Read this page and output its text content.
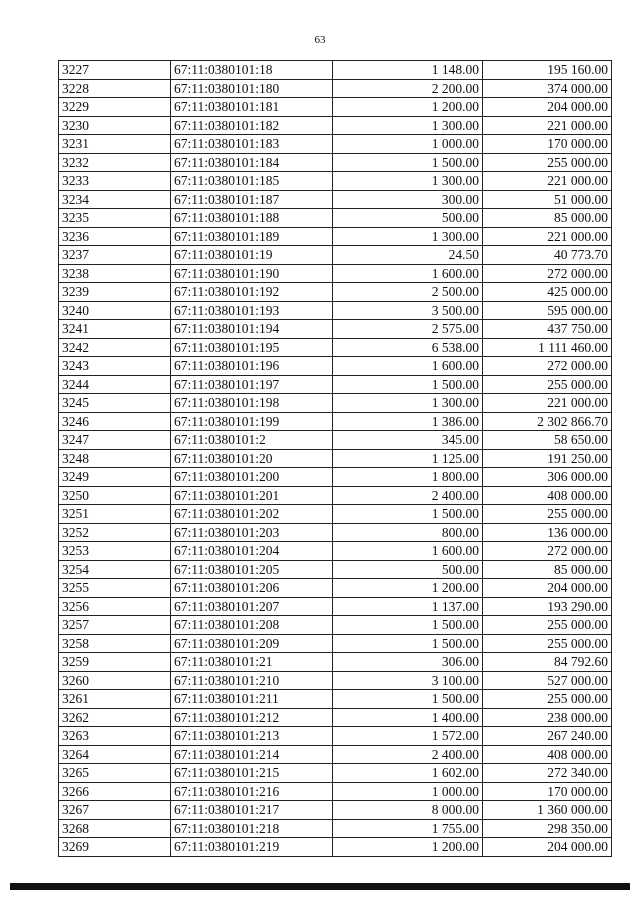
63
3227	67:11:0380101:18	1 148.00	195 160.00
3228	67:11:0380101:180	2 200.00	374 000.00
3229	67:11:0380101:181	1 200.00	204 000.00
3230	67:11:0380101:182	1 300.00	221 000.00
3231	67:11:0380101:183	1 000.00	170 000.00
3232	67:11:0380101:184	1 500.00	255 000.00
3233	67:11:0380101:185	1 300.00	221 000.00
3234	67:11:0380101:187	300.00	51 000.00
3235	67:11:0380101:188	500.00	85 000.00
3236	67:11:0380101:189	1 300.00	221 000.00
3237	67:11:0380101:19	24.50	40 773.70
3238	67:11:0380101:190	1 600.00	272 000.00
3239	67:11:0380101:192	2 500.00	425 000.00
3240	67:11:0380101:193	3 500.00	595 000.00
3241	67:11:0380101:194	2 575.00	437 750.00
3242	67:11:0380101:195	6 538.00	1 111 460.00
3243	67:11:0380101:196	1 600.00	272 000.00
3244	67:11:0380101:197	1 500.00	255 000.00
3245	67:11:0380101:198	1 300.00	221 000.00
3246	67:11:0380101:199	1 386.00	2 302 866.70
3247	67:11:0380101:2	345.00	58 650.00
3248	67:11:0380101:20	1 125.00	191 250.00
3249	67:11:0380101:200	1 800.00	306 000.00
3250	67:11:0380101:201	2 400.00	408 000.00
3251	67:11:0380101:202	1 500.00	255 000.00
3252	67:11:0380101:203	800.00	136 000.00
3253	67:11:0380101:204	1 600.00	272 000.00
3254	67:11:0380101:205	500.00	85 000.00
3255	67:11:0380101:206	1 200.00	204 000.00
3256	67:11:0380101:207	1 137.00	193 290.00
3257	67:11:0380101:208	1 500.00	255 000.00
3258	67:11:0380101:209	1 500.00	255 000.00
3259	67:11:0380101:21	306.00	84 792.60
3260	67:11:0380101:210	3 100.00	527 000.00
3261	67:11:0380101:211	1 500.00	255 000.00
3262	67:11:0380101:212	1 400.00	238 000.00
3263	67:11:0380101:213	1 572.00	267 240.00
3264	67:11:0380101:214	2 400.00	408 000.00
3265	67:11:0380101:215	1 602.00	272 340.00
3266	67:11:0380101:216	1 000.00	170 000.00
3267	67:11:0380101:217	8 000.00	1 360 000.00
3268	67:11:0380101:218	1 755.00	298 350.00
3269	67:11:0380101:219	1 200.00	204 000.00
